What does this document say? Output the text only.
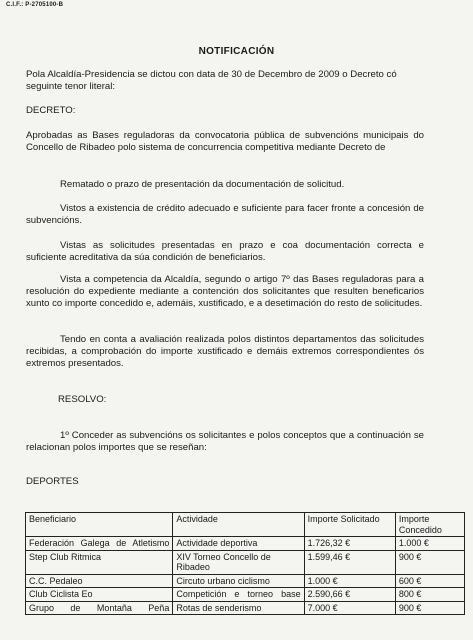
C.I.F.: P-2705100-B
NOTIFICACIÓN
Pola Alcaldía-Presidencia se dictou con data de 30 de Decembro de 2009 o Decreto có seguinte tenor literal:
DECRETO:
Aprobadas as Bases reguladoras da convocatoria pública de subvencións municipais do Concello de Ribadeo polo sistema de concurrencia competitiva mediante Decreto de
Rematado o prazo de presentación da documentación de solicitud.
Vistos a existencia de crédito adecuado e suficiente para facer fronte a concesión de subvencións.
Vistas as solicitudes presentadas en prazo e coa documentación correcta e suficiente acreditativa da súa condición de beneficiarios.
Vista a competencia da Alcaldía, segundo o artigo 7º das Bases reguladoras para a resolución do expediente mediante a contención dos solicitantes que resulten beneficarios xunto co importe concedido e, ademáis, xustificado, e a desetimación do resto de solicitudes.
Tendo en conta a avaliación realizada polos distintos departamentos das solicitudes recibidas, a comprobación do importe xustificado e demáis extremos correspondientes ós extremos presentados.
RESOLVO:
1º Conceder as subvencións os solicitantes e polos conceptos que a continuación se relacionan polos importes que se reseñan:
DEPORTES
Beneficiario	Actividade	Importe Solicitado	Importe Concedido
Federación Galega de Atletismo	Actividade deportiva	1.726,32 €	1.000 €
Step Club Ritmica	XIV Torneo Concello de Ribadeo	1.599,46 €	900 €
C.C. Pedaleo	Circuto urbano ciclismo	1.000 €	600 €
Club Ciclista Eo	Competición e torneo base	2.590,66 €	800 €
Grupo de Montaña Peña	Rotas de senderismo	7.000 €	900 €
